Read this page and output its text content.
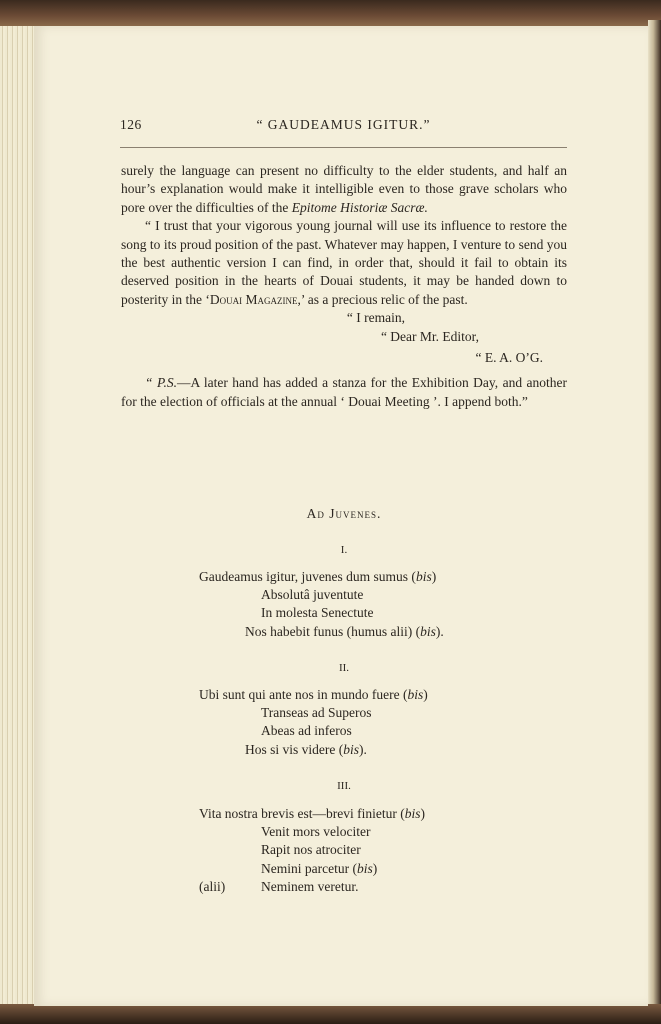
126	“ GAUDEAMUS IGITUR.”

surely the language can present no difficulty to the elder students, and half an hour’s explanation would make it intelligible even to those grave scholars who pore over the difficulties of the Epitome Historiæ Sacræ.

“ I trust that your vigorous young journal will use its influence to restore the song to its proud position of the past. Whatever may happen, I venture to send you the best authentic version I can find, in order that, should it fail to obtain its deserved position in the hearts of Douai students, it may be handed down to posterity in the ‘Douai Magazine,’ as a precious relic of the past.

“ I remain,
“ Dear Mr. Editor,
“ E. A. O’G.

“ P.S.—A later hand has added a stanza for the Exhibition Day, and another for the election of officials at the annual ‘ Douai Meeting ’. I append both.”

Ad Juvenes.
I.
Gaudeamus igitur, juvenes dum sumus (bis)
Absolutâ juventute
In molesta Senectute
Nos habebit funus (humus alii) (bis).
II.
Ubi sunt qui ante nos in mundo fuere (bis)
Transeas ad Superos
Abeas ad inferos
Hos si vis videre (bis).
III.
Vita nostra brevis est—brevi finietur (bis)
Venit mors velociter
Rapit nos atrociter
Nemini parcetur (bis)
(alii)	Neminem veretur.
